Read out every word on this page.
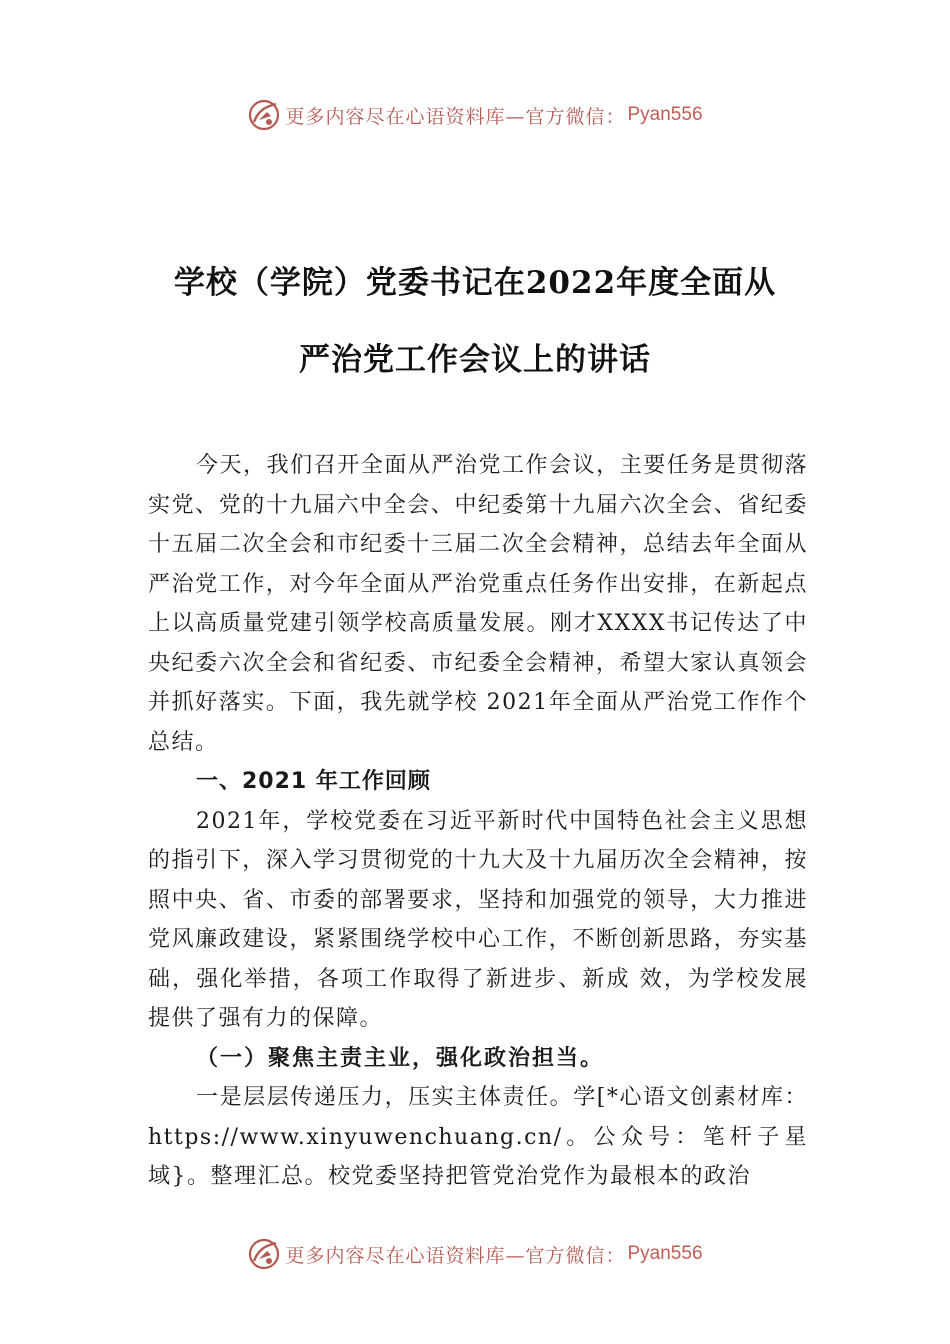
更多内容尽在心语资料库—官方微信： Pyan556
学校（学院）党委书记在2022年度全面从
严治党工作会议上的讲话

今天，我们召开全面从严治党工作会议，主要任务是贯彻落实党、党的十九届六中全会、中纪委第十九届六次全会、省纪委十五届二次全会和市纪委十三届二次全会精神，总结去年全面从严治党工作，对今年全面从严治党重点任务作出安排，在新起点上以高质量党建引领学校高质量发展。刚才XXXX书记传达了中央纪委六次全会和省纪委、市纪委全会精神，希望大家认真领会并抓好落实。下面，我先就学校 2021年全面从严治党工作作个总结。

一、2021 年工作回顾

2021年，学校党委在习近平新时代中国特色社会主义思想的指引下，深入学习贯彻党的十九大及十九届历次全会精神，按照中央、省、市委的部署要求，坚持和加强党的领导，大力推进党风廉政建设，紧紧围绕学校中心工作，不断创新思路，夯实基础，强化举措，各项工作取得了新进步、新成 效，为学校发展提供了强有力的保障。

（一）聚焦主责主业，强化政治担当。

一是层层传递压力，压实主体责任。学[*心语文创素材库：https://www.xinyuwenchuang.cn/。公众号：笔杆子星域}。整理汇总。校党委坚持把管党治党作为最根本的政治

更多内容尽在心语资料库—官方微信： Pyan556
